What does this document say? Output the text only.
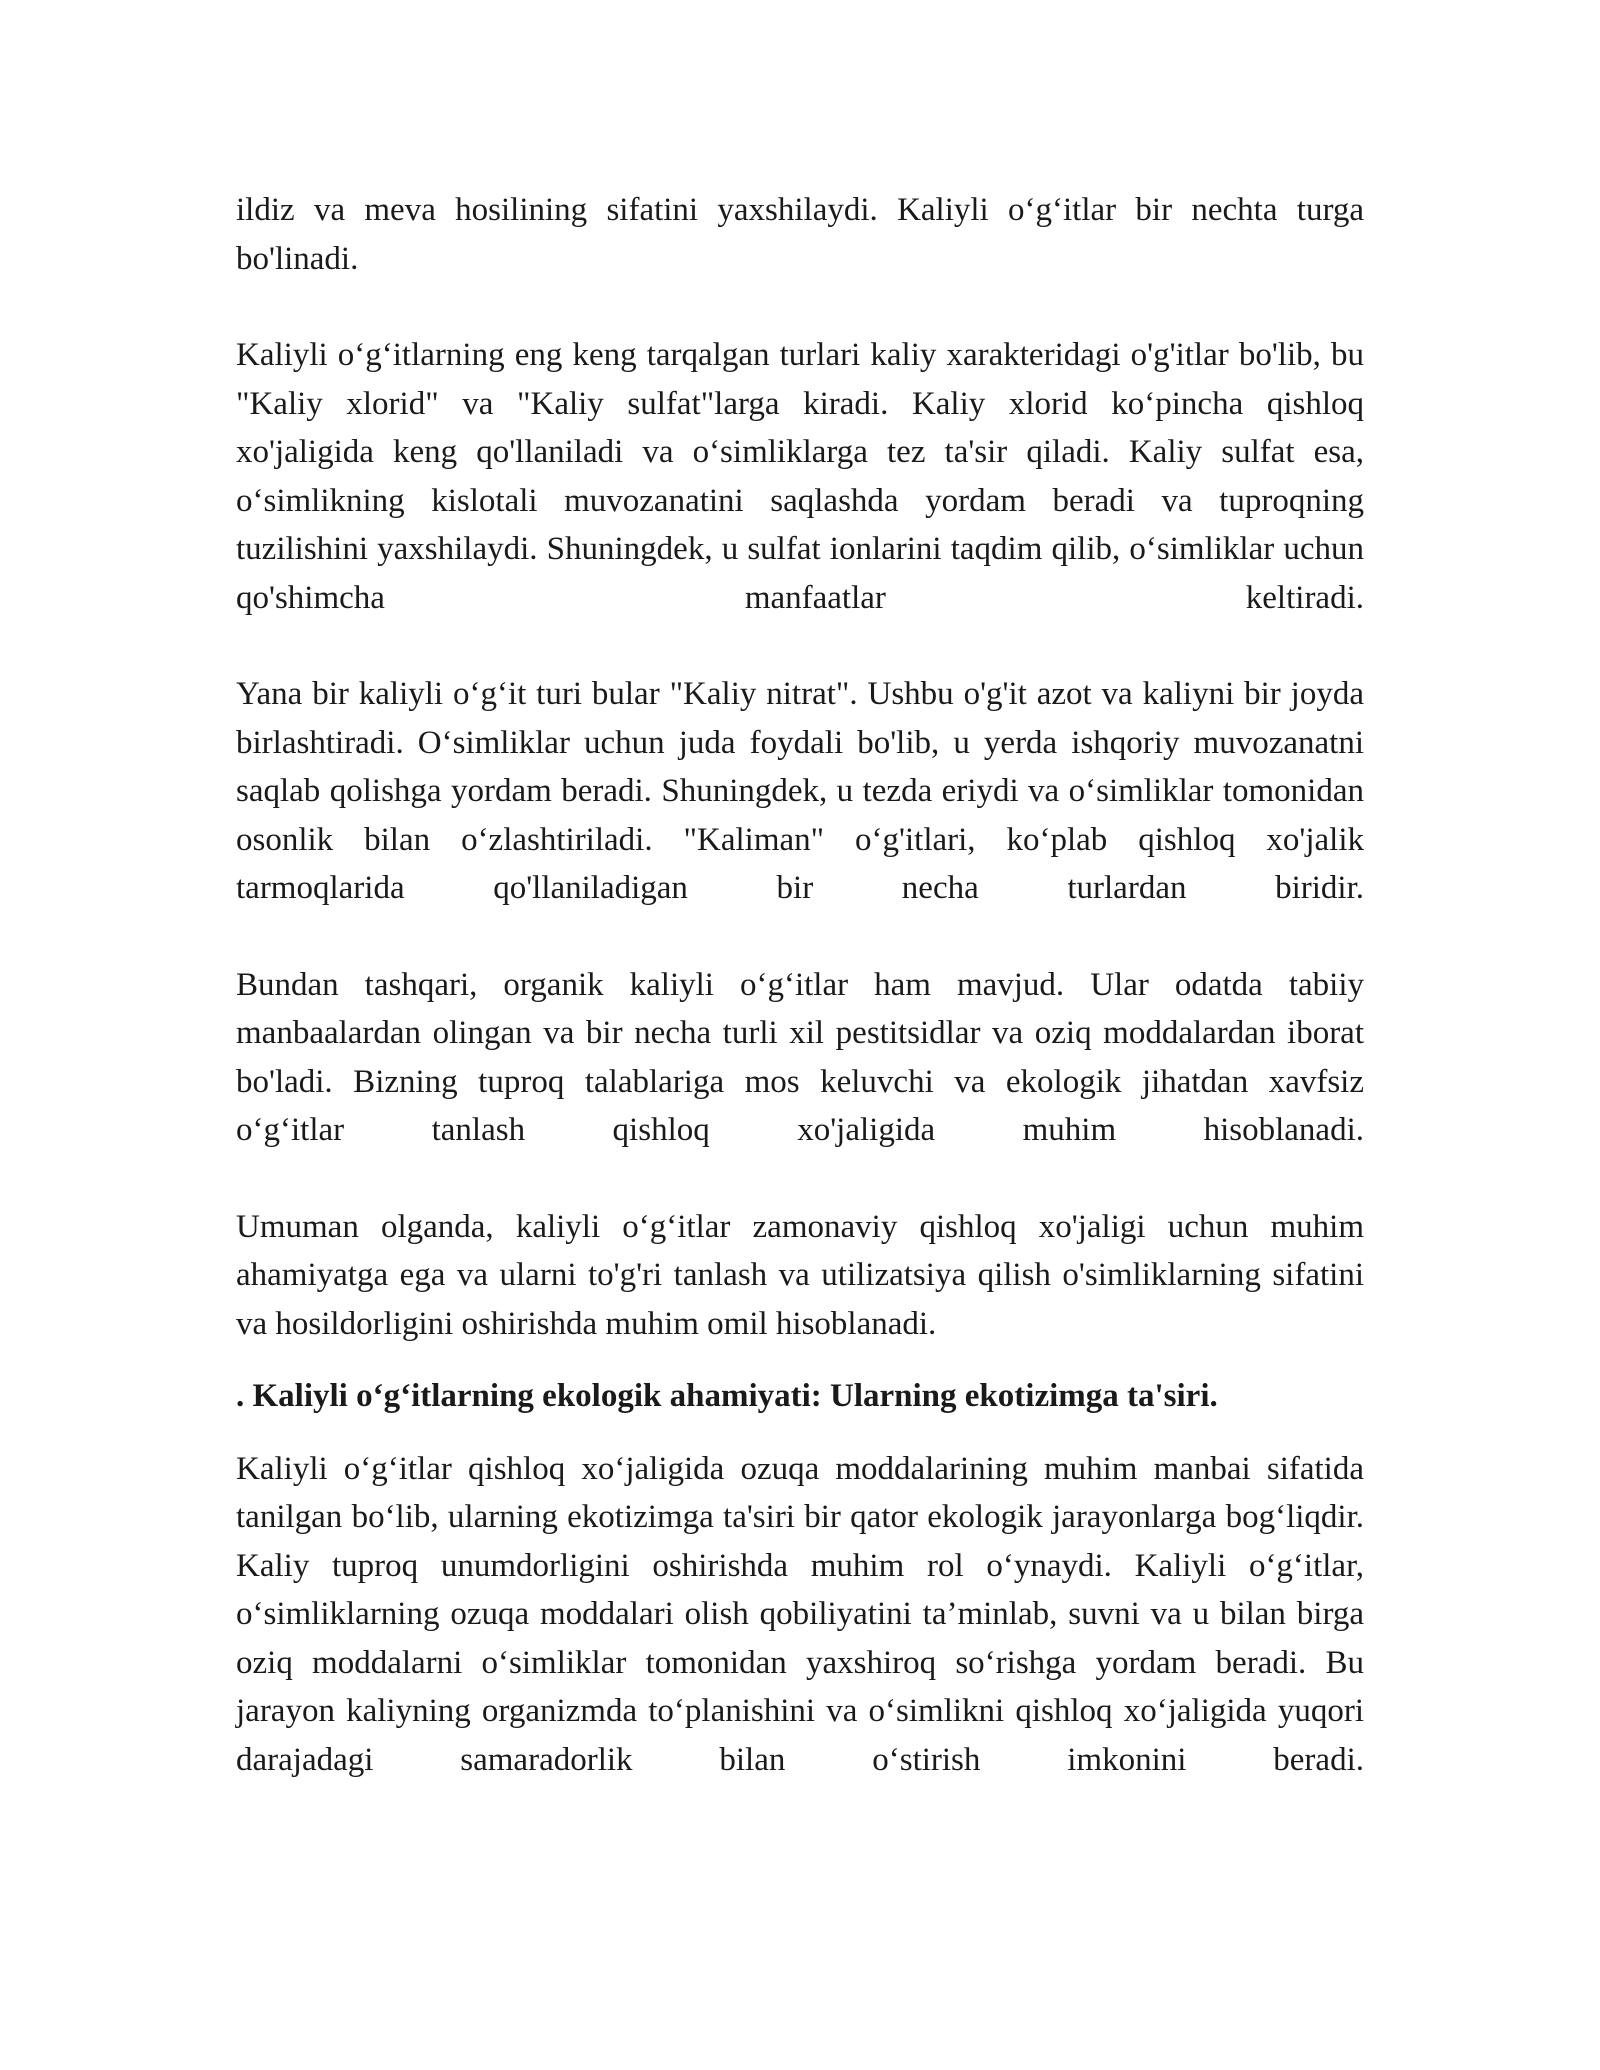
ildiz va meva hosilining sifatini yaxshilaydi. Kaliyli o‘g‘itlar bir nechta turga bo'linadi.

Kaliyli o‘g‘itlarning eng keng tarqalgan turlari kaliy xarakteridagi o'g'itlar bo'lib, bu "Kaliy xlorid" va "Kaliy sulfat"larga kiradi. Kaliy xlorid ko‘pincha qishloq xo'jaligida keng qo'llaniladi va o‘simliklarga tez ta'sir qiladi. Kaliy sulfat esa, o‘simlikning kislotali muvozanatini saqlashda yordam beradi va tuproqning tuzilishini yaxshilaydi. Shuningdek, u sulfat ionlarini taqdim qilib, o‘simliklar uchun qo'shimcha manfaatlar keltiradi.

Yana bir kaliyli o‘g‘it turi bular "Kaliy nitrat". Ushbu o'g'it azot va kaliyni bir joyda birlashtiradi. O‘simliklar uchun juda foydali bo'lib, u yerda ishqoriy muvozanatni saqlab qolishga yordam beradi. Shuningdek, u tezda eriydi va o‘simliklar tomonidan osonlik bilan o‘zlashtiriladi. "Kaliman" o‘g'itlari, ko‘plab qishloq xo'jalik tarmoqlarida qo'llaniladigan bir necha turlardan biridir.

Bundan tashqari, organik kaliyli o‘g‘itlar ham mavjud. Ular odatda tabiiy manbaalardan olingan va bir necha turli xil pestitsidlar va oziq moddalardan iborat bo'ladi. Bizning tuproq talablariga mos keluvchi va ekologik jihatdan xavfsiz o‘g‘itlar tanlash qishloq xo'jaligida muhim hisoblanadi.

Umuman olganda, kaliyli o‘g‘itlar zamonaviy qishloq xo'jaligi uchun muhim ahamiyatga ega va ularni to'g'ri tanlash va utilizatsiya qilish o'simliklarning sifatini va hosildorligini oshirishda muhim omil hisoblanadi.

. Kaliyli o‘g‘itlarning ekologik ahamiyati: Ularning ekotizimga ta'siri.

Kaliyli o‘g‘itlar qishloq xo‘jaligida ozuqa moddalarining muhim manbai sifatida tanilgan bo‘lib, ularning ekotizimga ta'siri bir qator ekologik jarayonlarga bog‘liqdir. Kaliy tuproq unumdorligini oshirishda muhim rol o‘ynaydi. Kaliyli o‘g‘itlar, o‘simliklarning ozuqa moddalari olish qobiliyatini ta’minlab, suvni va u bilan birga oziq moddalarni o‘simliklar tomonidan yaxshiroq so‘rishga yordam beradi. Bu jarayon kaliyning organizmda to‘planishini va o‘simlikni qishloq xo‘jaligida yuqori darajadagi samaradorlik bilan o‘stirish imkonini beradi.
